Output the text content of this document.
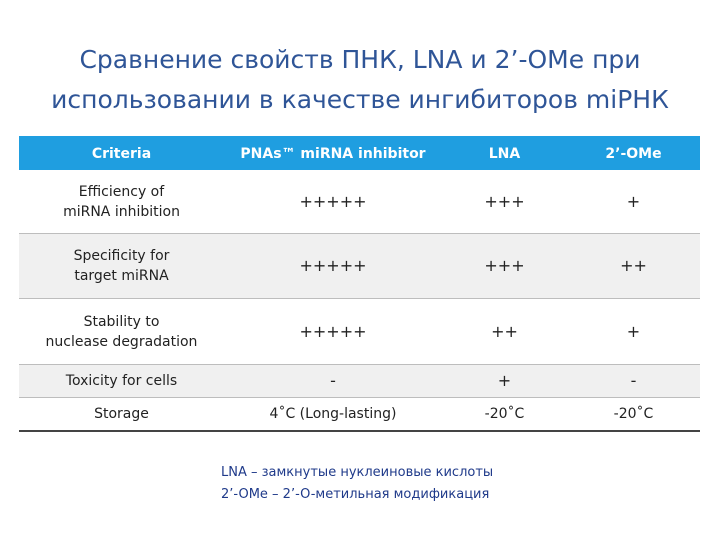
Сравнение свойств ПНК, LNA и 2’-OMe при
использовании в качестве ингибиторов miРНК
Criteria	PNAs™ miRNA inhibitor	LNA	2’-OMe

Efficiency of
miRNA inhibition	+++++	+++	+

Specificity for
target miRNA	+++++	+++	++

Stability to
nuclease degradation	+++++	++	+
Toxicity for cells	-	+	-
Storage	4˚C (Long-lasting)	-20˚C	-20˚C
LNA – замкнутые нуклеиновые кислоты
2’-OMe – 2’-O-метильная модификация
